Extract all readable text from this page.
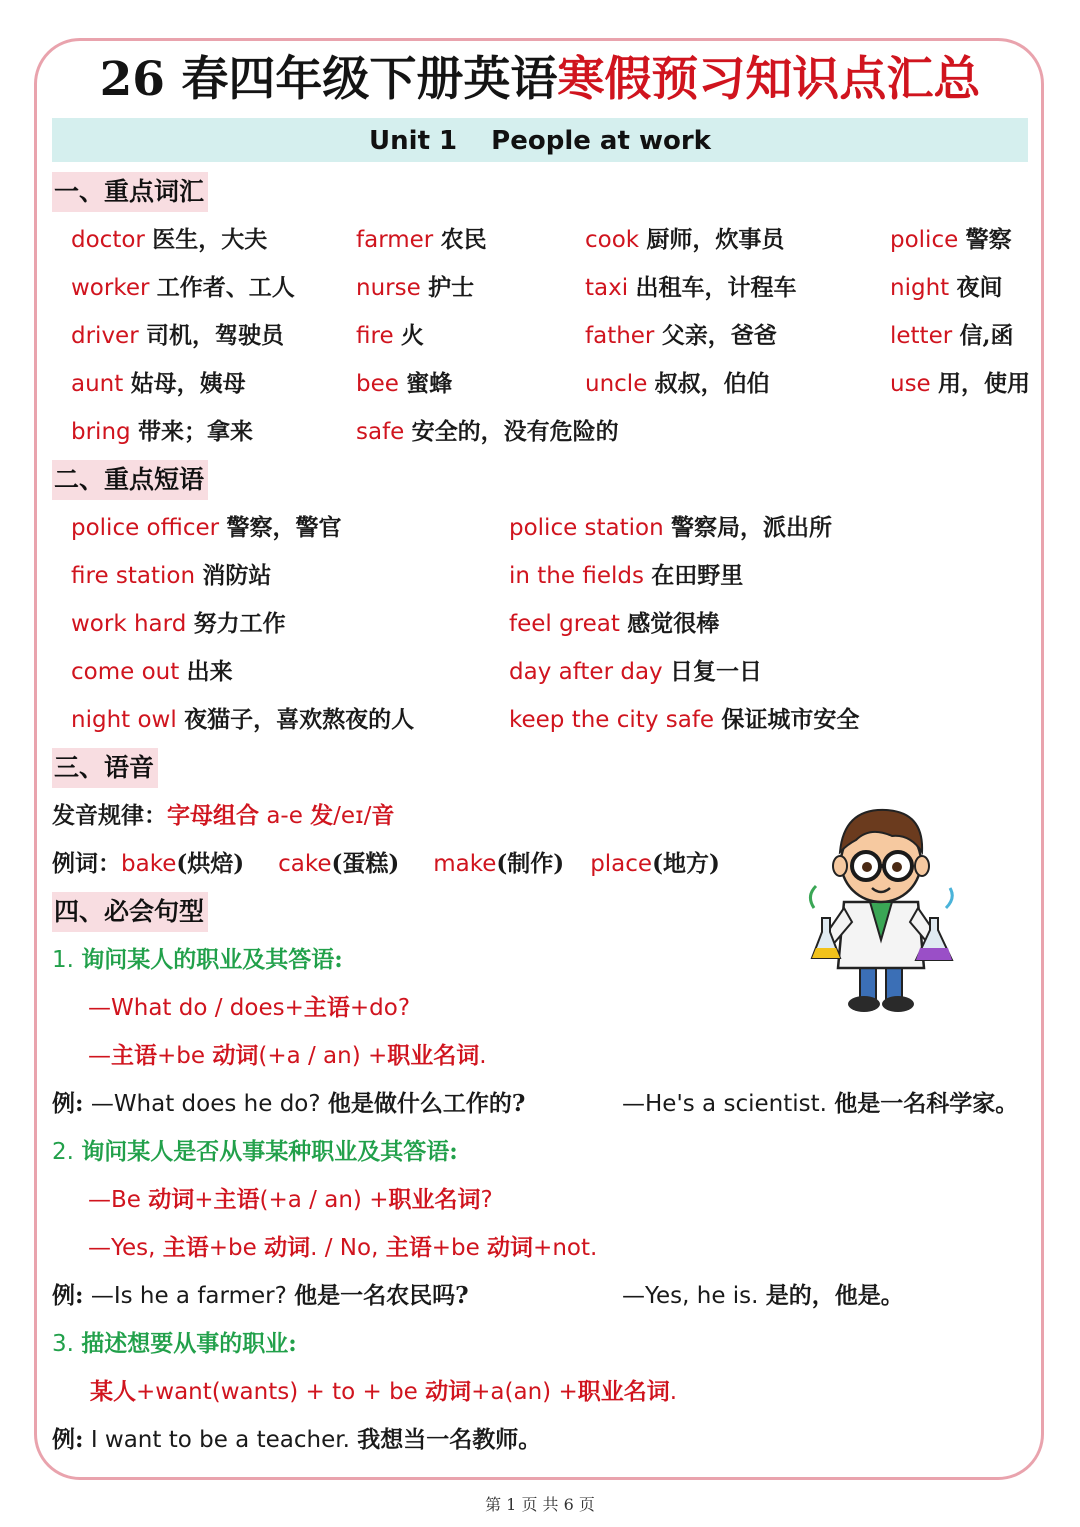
26 春四年级下册英语寒假预习知识点汇总
Unit 1 People at work
一、重点词汇
doctor 医生，大夫	farmer 农民	cook 厨师，炊事员	police 警察
worker 工作者、工人	nurse 护士	taxi 出租车，计程车	night 夜间
driver 司机，驾驶员	fire 火	father 父亲，爸爸	letter 信,函
aunt 姑母，姨母	bee 蜜蜂	uncle 叔叔，伯伯	use 用，使用
bring 带来；拿来	safe 安全的，没有危险的
二、重点短语
police officer 警察，警官	police station 警察局，派出所
fire station 消防站	in the fields 在田野里
work hard 努力工作	feel great 感觉很棒
come out 出来	day after day 日复一日
night owl 夜猫子，喜欢熬夜的人	keep the city safe 保证城市安全
三、语音
发音规律：字母组合 a-e 发/eɪ/音
例词：bake(烘焙) cake(蛋糕) make(制作) place(地方)
四、必会句型
1. 询问某人的职业及其答语:
—What do / does+主语+do?
—主语+be 动词(+a / an) +职业名词.
例: —What does he do? 他是做什么工作的?	—He's a scientist. 他是一名科学家。
2. 询问某人是否从事某种职业及其答语:
—Be 动词+主语(+a / an) +职业名词?
—Yes, 主语+be 动词. / No, 主语+be 动词+not.
例: —Is he a farmer? 他是一名农民吗?	—Yes, he is. 是的，他是。
3. 描述想要从事的职业:
某人+want(wants) + to + be 动词+a(an) +职业名词.
例: I want to be a teacher. 我想当一名教师。
第 1 页 共 6 页
